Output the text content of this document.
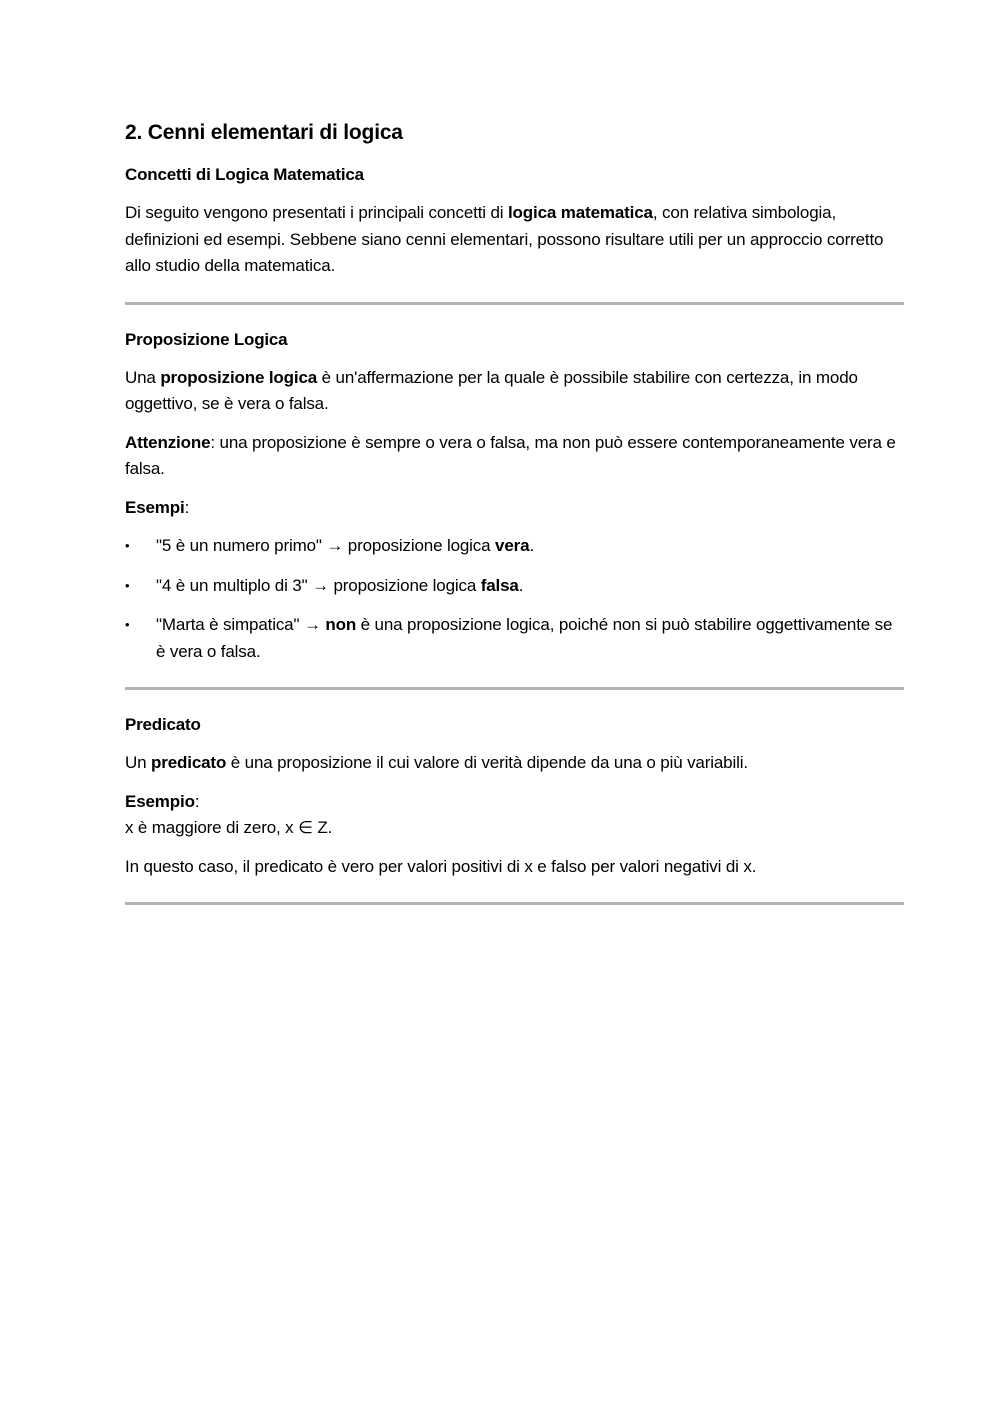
2. Cenni elementari di logica
Concetti di Logica Matematica

Di seguito vengono presentati i principali concetti di logica matematica, con relativa simbologia, definizioni ed esempi. Sebbene siano cenni elementari, possono risultare utili per un approccio corretto allo studio della matematica.

Proposizione Logica

Una proposizione logica è un'affermazione per la quale è possibile stabilire con certezza, in modo oggettivo, se è vera o falsa.

Attenzione: una proposizione è sempre o vera o falsa, ma non può essere contemporaneamente vera e falsa.

Esempi:

• "5 è un numero primo" → proposizione logica vera.
• "4 è un multiplo di 3" → proposizione logica falsa.
• "Marta è simpatica" → non è una proposizione logica, poiché non si può stabilire oggettivamente se è vera o falsa.
Predicato

Un predicato è una proposizione il cui valore di verità dipende da una o più variabili.

Esempio:
x è maggiore di zero, x ∈ Z.

In questo caso, il predicato è vero per valori positivi di x e falso per valori negativi di x.
